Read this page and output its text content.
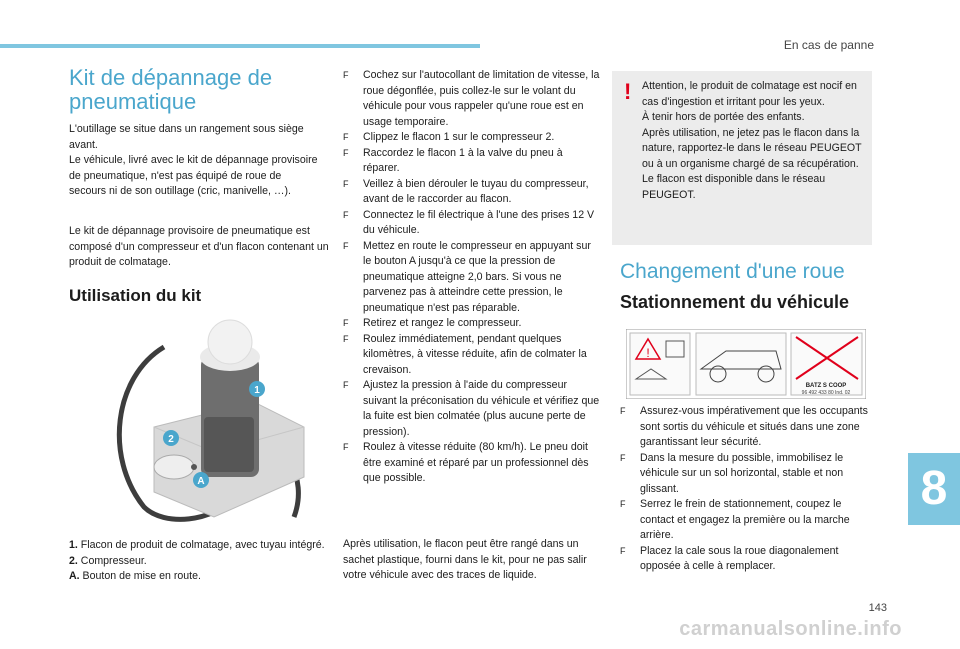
En cas de panne
Kit de dépannage de pneumatique

L'outillage se situe dans un rangement sous siège avant.

Le véhicule, livré avec le kit de dépannage provisoire de pneumatique, n'est pas équipé de roue de secours ni de son outillage (cric, manivelle, …).

Le kit de dépannage provisoire de pneumatique est composé d'un compresseur et d'un flacon contenant un produit de colmatage.

Utilisation du kit
1
2
A
1. Flacon de produit de colmatage, avec tuyau intégré.
2. Compresseur.
A. Bouton de mise en route.
F Cochez sur l'autocollant de limitation de vitesse, la roue dégonflée, puis collez-le sur le volant du véhicule pour vous rappeler qu'une roue est en usage temporaire.
F Clippez le flacon 1 sur le compresseur 2.
F Raccordez le flacon 1 à la valve du pneu à réparer.
F Veillez à bien dérouler le tuyau du compresseur, avant de le raccorder au flacon.
F Connectez le fil électrique à l'une des prises 12 V du véhicule.
F Mettez en route le compresseur en appuyant sur le bouton A jusqu'à ce que la pression de pneumatique atteigne 2,0 bars. Si vous ne parvenez pas à atteindre cette pression, le pneumatique n'est pas réparable.
F Retirez et rangez le compresseur.
F Roulez immédiatement, pendant quelques kilomètres, à vitesse réduite, afin de colmater la crevaison.
F Ajustez la pression à l'aide du compresseur suivant la préconisation du véhicule et vérifiez que la fuite est bien colmatée (plus aucune perte de pression).
F Roulez à vitesse réduite (80 km/h). Le pneu doit être examiné et réparé par un professionnel dès que possible.

Après utilisation, le flacon peut être rangé dans un sachet plastique, fourni dans le kit, pour ne pas salir votre véhicule avec des traces de liquide.

! Attention, le produit de colmatage est nocif en cas d'ingestion et irritant pour les yeux.
À tenir hors de portée des enfants.
Après utilisation, ne jetez pas le flacon dans la nature, rapportez-le dans le réseau PEUGEOT ou à un organisme chargé de sa récupération.
Le flacon est disponible dans le réseau PEUGEOT.
Changement d'une roue
Stationnement du véhicule
!
BATZ S COOP
96 492 433 80 Ind. 02
F Assurez-vous impérativement que les occupants sont sortis du véhicule et situés dans une zone garantissant leur sécurité.
F Dans la mesure du possible, immobilisez le véhicule sur un sol horizontal, stable et non glissant.
F Serrez le frein de stationnement, coupez le contact et engagez la première ou la marche arrière.
F Placez la cale sous la roue diagonalement opposée à celle à remplacer.
8
143
carmanualsonline.info
